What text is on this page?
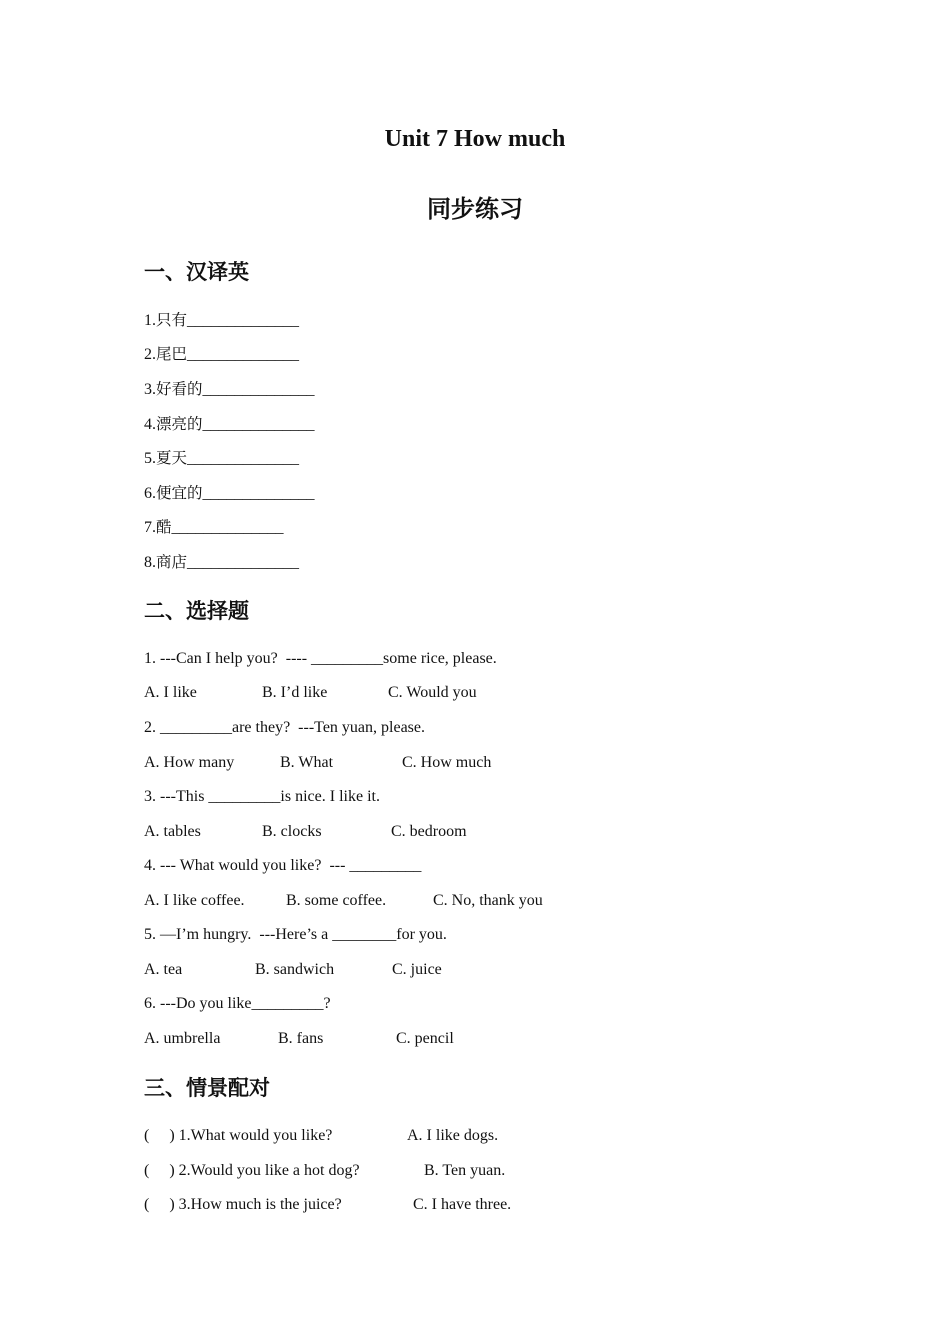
Unit 7 How much
同步练习
一、汉译英
1.只有______________
2.尾巴______________
3.好看的______________
4.漂亮的______________
5.夏天______________
6.便宜的______________
7.酷______________
8.商店______________
二、选择题
1. ---Can I help you?  ---- _________some rice, please.
A. I like	B. I’d like	C. Would you
2. _________are they?  ---Ten yuan, please.
A. How many	B. What	C. How much
3. ---This _________is nice. I like it.
A. tables	B. clocks	C. bedroom
4. --- What would you like?  --- _________
A. I like coffee.	B. some coffee.	C. No, thank you
5. —I’m hungry.  ---Here’s a ________for you.
A. tea	B. sandwich	C. juice
6. ---Do you like_________?
A. umbrella	B. fans	C. pencil
三、情景配对
(     ) 1.What would you like?	A. I like dogs.
(     ) 2.Would you like a hot dog?	B. Ten yuan.
(     ) 3.How much is the juice?	C. I have three.
